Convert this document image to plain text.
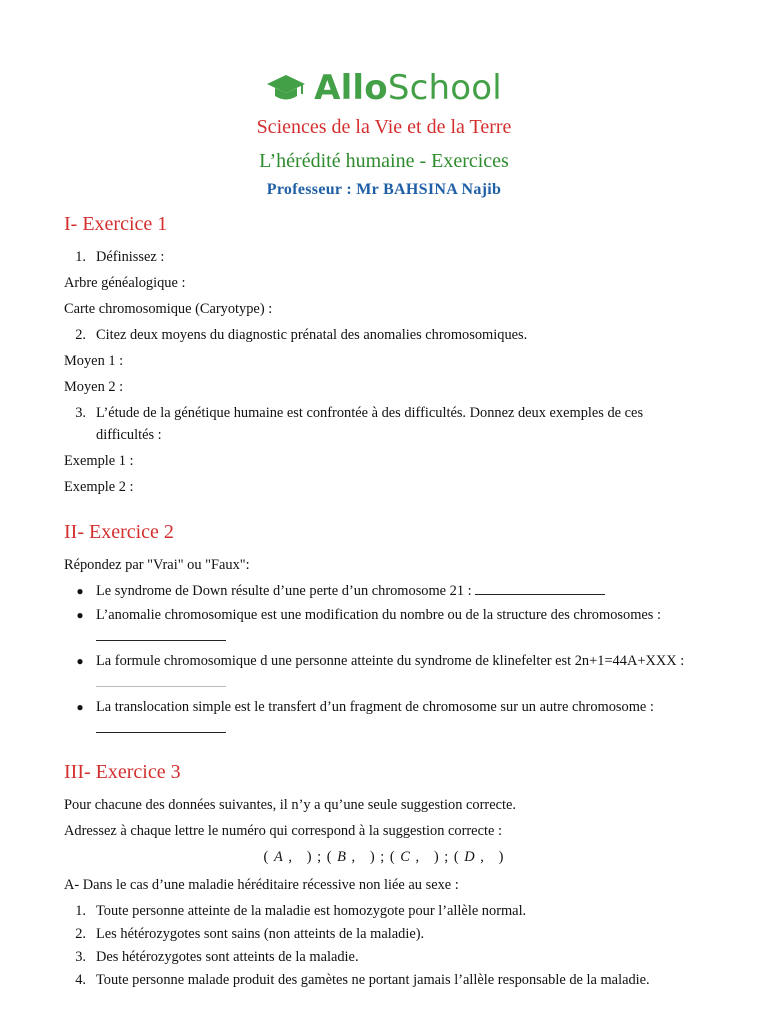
AlloSchool
Sciences de la Vie et de la Terre
L’hérédité humaine - Exercices
Professeur : Mr BAHSINA Najib
I- Exercice 1
1. Définissez :

Arbre généalogique :

Carte chromosomique (Caryotype) :

2. Citez deux moyens du diagnostic prénatal des anomalies chromosomiques.

Moyen 1 :

Moyen 2 :

3. L’étude de la génétique humaine est confrontée à des difficultés. Donnez deux exemples de ces difficultés :

Exemple 1 :

Exemple 2 :

II- Exercice 2

Répondez par "Vrai" ou "Faux":

● Le syndrome de Down résulte d’une perte d’un chromosome 21 :
● L’anomalie chromosomique est une modification du nombre ou de la structure des chromosomes :
● La formule chromosomique d une personne atteinte du syndrome de klinefelter est 2n+1=44A+XXX :
● La translocation simple est le transfert d’un fragment de chromosome sur un autre chromosome :
III- Exercice 3

Pour chacune des données suivantes, il n’y a qu’une seule suggestion correcte.

Adressez à chaque lettre le numéro qui correspond à la suggestion correcte :

( A ,   ) ; ( B ,   ) ; ( C ,   ) ; ( D ,   )

A- Dans le cas d’une maladie héréditaire récessive non liée au sexe :

1. Toute personne atteinte de la maladie est homozygote pour l’allèle normal.
2. Les hétérozygotes sont sains (non atteints de la maladie).
3. Des hétérozygotes sont atteints de la maladie.
4. Toute personne malade produit des gamètes ne portant jamais l’allèle responsable de la maladie.
